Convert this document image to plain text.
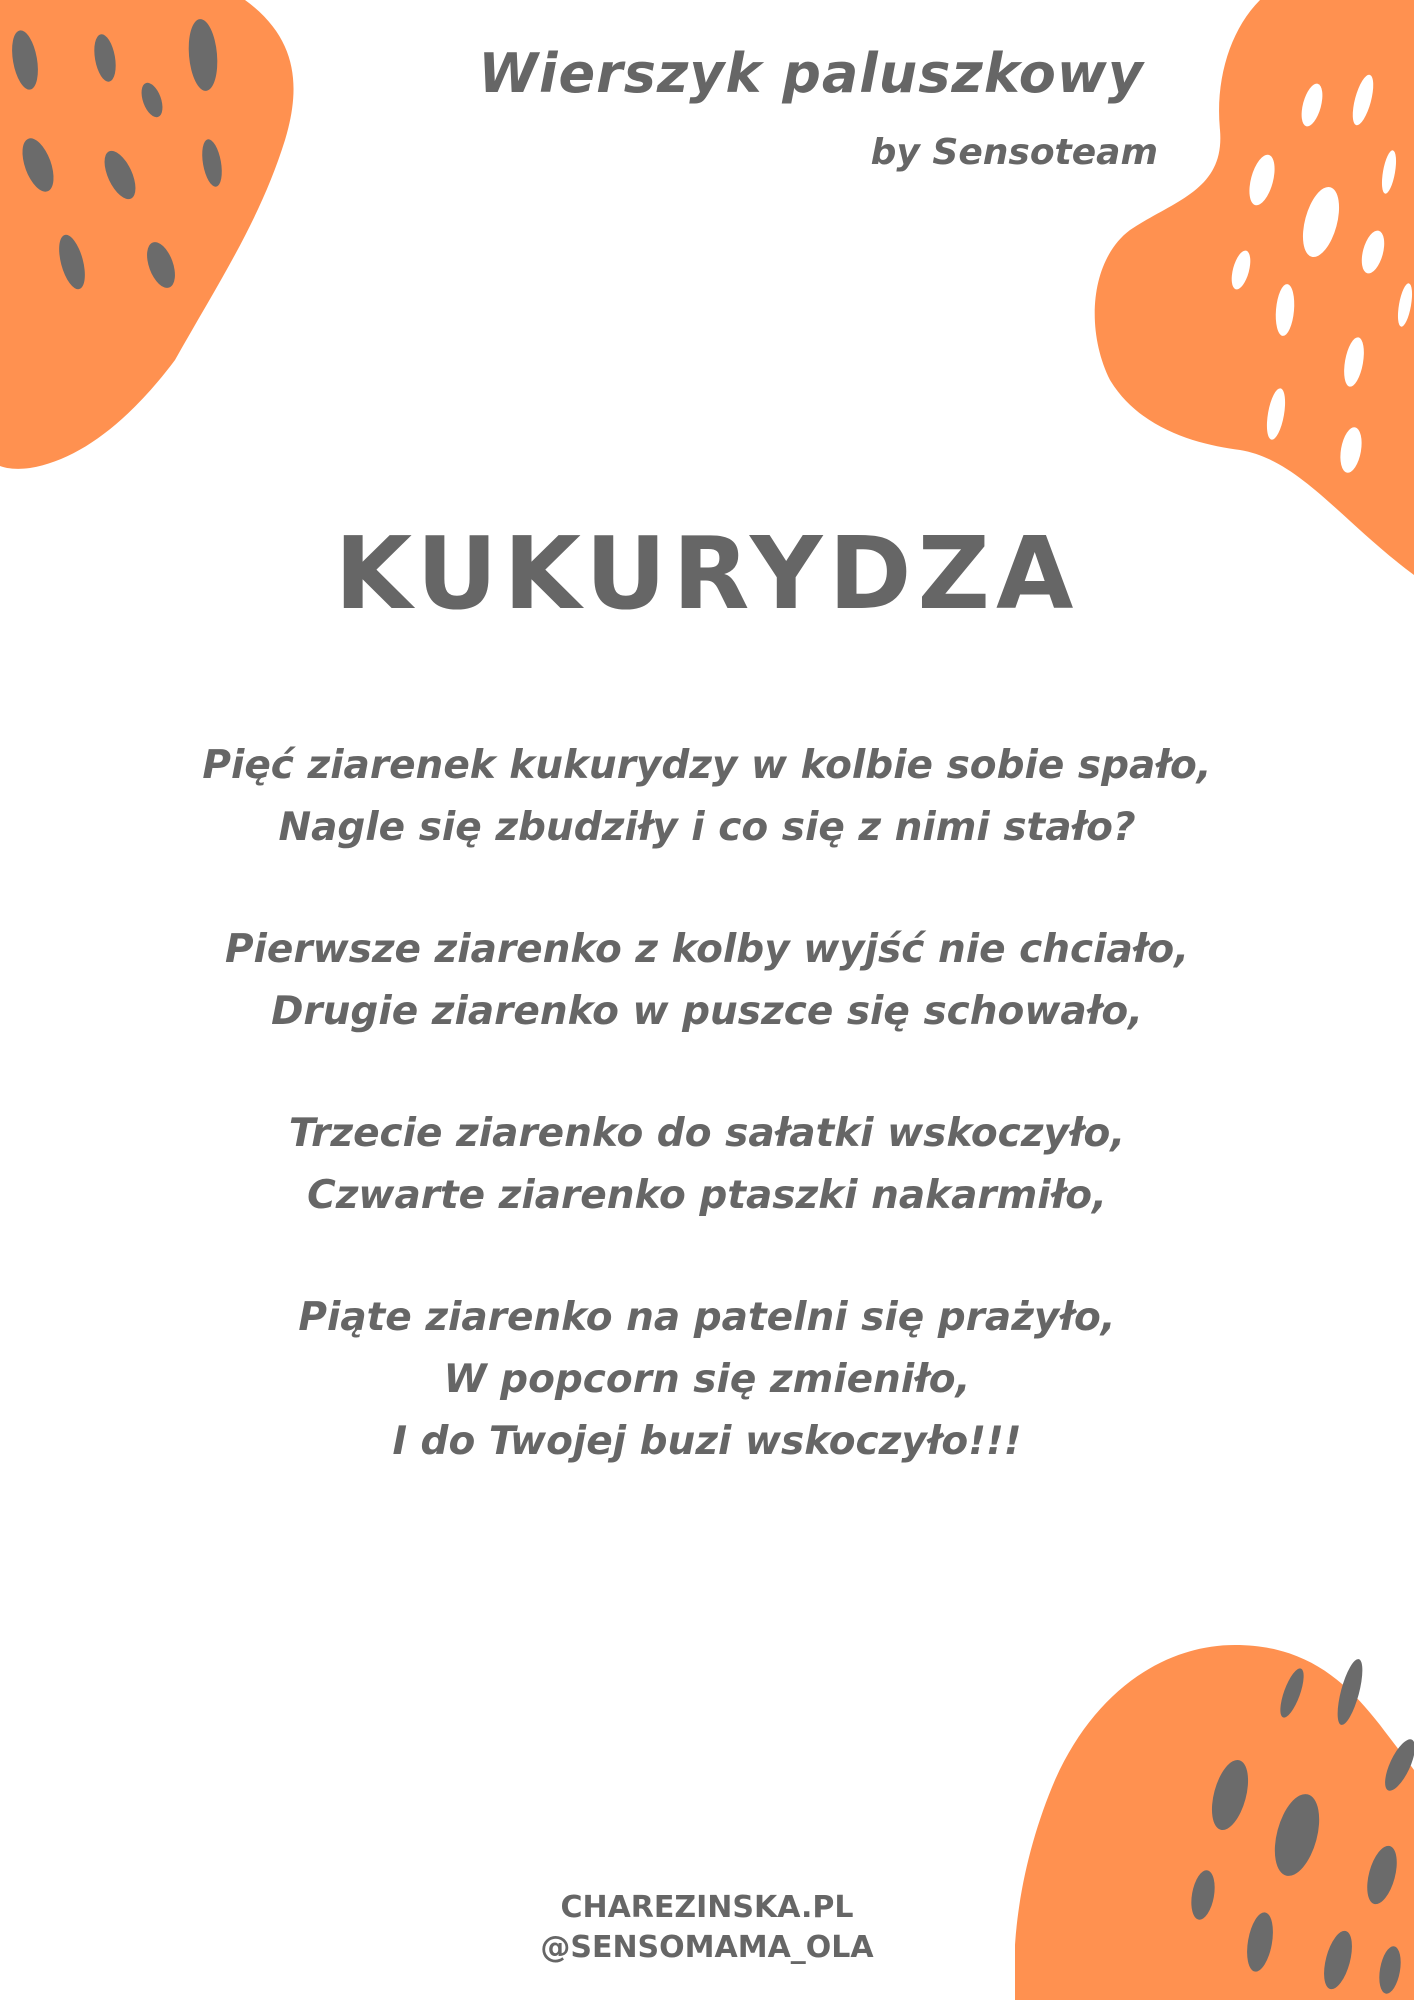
Wierszyk paluszkowy
by Sensoteam
KUKURYDZA
Pięć ziarenek kukurydzy w kolbie sobie spało,
Nagle się zbudziły i co się z nimi stało?
Pierwsze ziarenko z kolby wyjść nie chciało,
Drugie ziarenko w puszce się schowało,
Trzecie ziarenko do sałatki wskoczyło,
Czwarte ziarenko ptaszki nakarmiło,
Piąte ziarenko na patelni się prażyło,
W popcorn się zmieniło,
I do Twojej buzi wskoczyło!!!
CHAREZINSKA.PL
@SENSOMAMA_OLA
